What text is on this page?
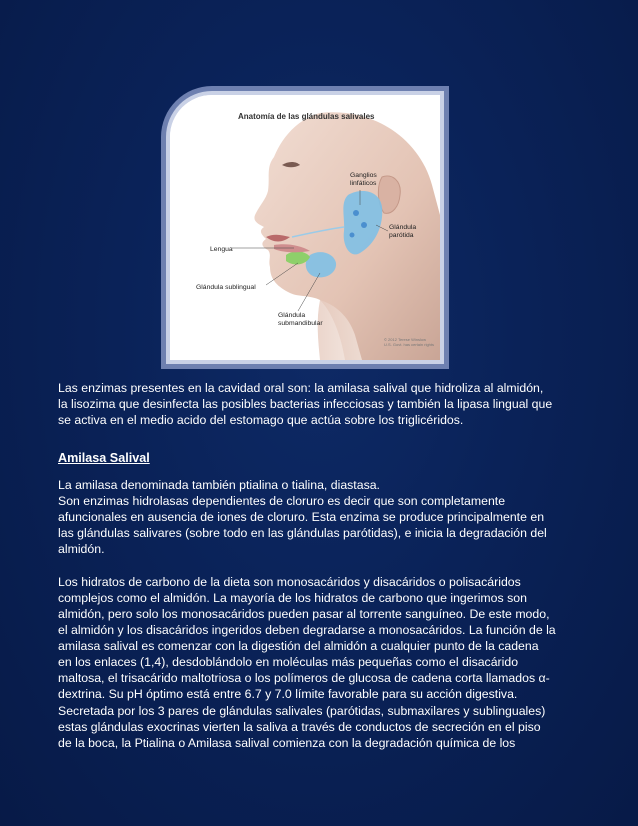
Anatomía de las glándulas salivales
Ganglios
linfáticos
Glándula
parótida
Lengua
Glándula sublingual
Glándula
submandibular
© 2012 Terese Winslow
U.S. Govt. has certain rights

Las enzimas presentes en la cavidad oral son: la amilasa salival que hidroliza al almidón,

la lisozima que desinfecta las posibles bacterias infecciosas y también la lipasa lingual que

se activa en el medio acido del estomago que actúa sobre los triglicéridos.

Amilasa Salival

La amilasa denominada también ptialina o tialina, diastasa.

Son enzimas hidrolasas dependientes de cloruro es decir que son completamente

afuncionales en ausencia de iones de cloruro. Esta enzima se produce principalmente en

las glándulas salivares (sobre todo en las glándulas parótidas), e inicia la degradación del

almidón.

Los hidratos de carbono de la dieta son monosacáridos y disacáridos o polisacáridos

complejos como el almidón. La mayoría de los hidratos de carbono que ingerimos son

almidón, pero solo los monosacáridos pueden pasar al torrente sanguíneo. De este modo,

el almidón y los disacáridos ingeridos deben degradarse a monosacáridos. La función de la

amilasa salival es comenzar con la digestión del almidón a cualquier punto de la cadena

en los enlaces (1,4), desdoblándolo en moléculas más pequeñas como el disacárido

maltosa, el trisacárido maltotriosa o los polímeros de glucosa de cadena corta llamados α-

dextrina. Su pH óptimo está entre 6.7 y 7.0 límite favorable para su acción digestiva.

Secretada por los 3 pares de glándulas salivales (parótidas, submaxilares y sublinguales)

estas glándulas exocrinas vierten la saliva a través de conductos de secreción en el piso

de la boca, la Ptialina o Amilasa salival comienza con la degradación química de los
